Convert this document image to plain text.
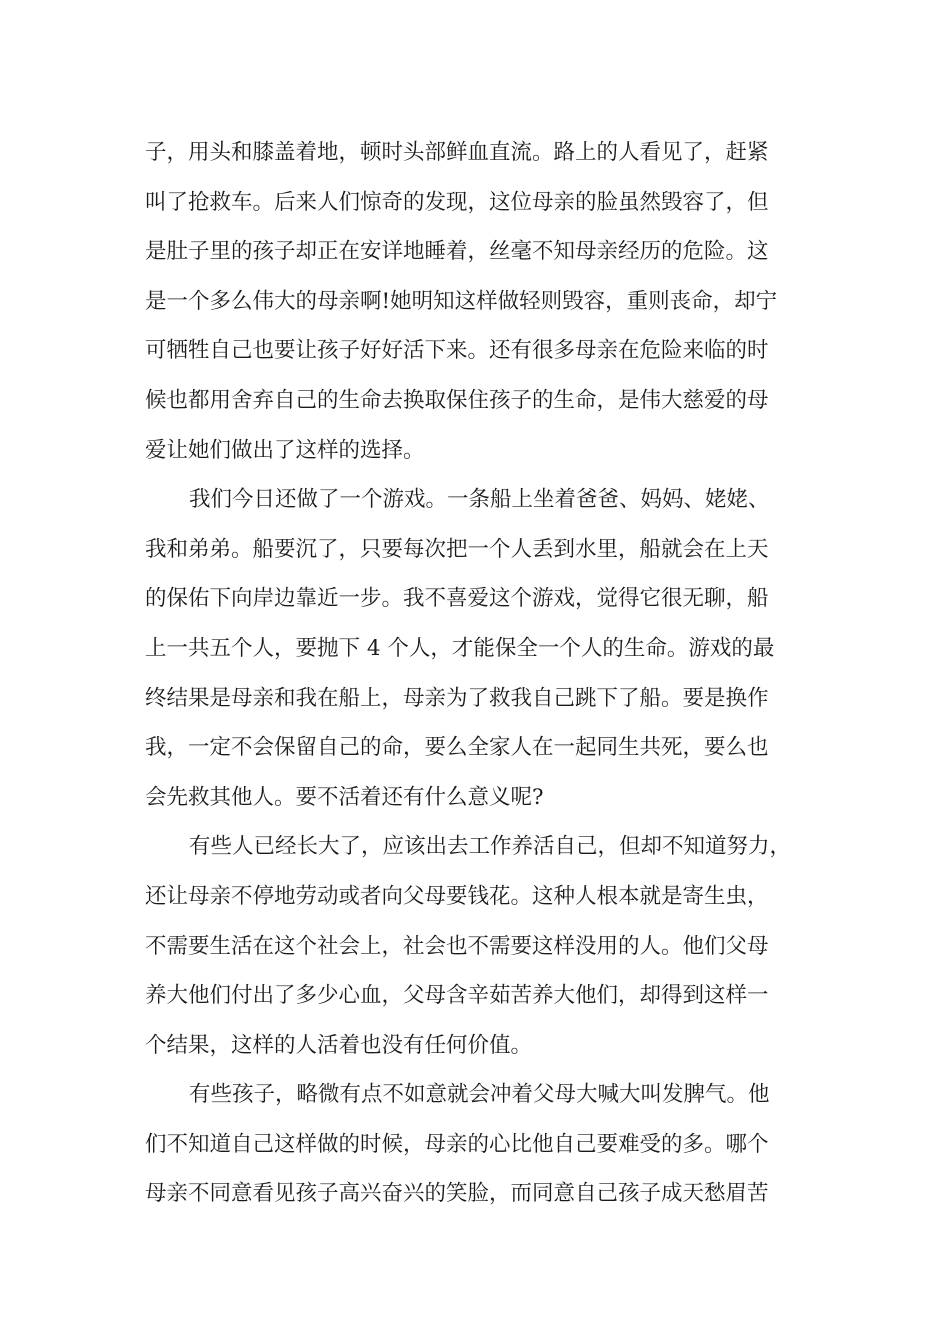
子，用头和膝盖着地，顿时头部鲜血直流。路上的人看见了，赶紧

叫了抢救车。后来人们惊奇的发现，这位母亲的脸虽然毁容了，但

是肚子里的孩子却正在安详地睡着，丝毫不知母亲经历的危险。这

是一个多么伟大的母亲啊!她明知这样做轻则毁容，重则丧命，却宁

可牺牲自己也要让孩子好好活下来。还有很多母亲在危险来临的时

候也都用舍弃自己的生命去换取保住孩子的生命，是伟大慈爱的母

爱让她们做出了这样的选择。

我们今日还做了一个游戏。一条船上坐着爸爸、妈妈、姥姥、

我和弟弟。船要沉了，只要每次把一个人丢到水里，船就会在上天

的保佑下向岸边靠近一步。我不喜爱这个游戏，觉得它很无聊，船

上一共五个人，要抛下 4 个人，才能保全一个人的生命。游戏的最

终结果是母亲和我在船上，母亲为了救我自己跳下了船。要是换作

我，一定不会保留自己的命，要么全家人在一起同生共死，要么也

会先救其他人。要不活着还有什么意义呢?

有些人已经长大了，应该出去工作养活自己，但却不知道努力，

还让母亲不停地劳动或者向父母要钱花。这种人根本就是寄生虫，

不需要生活在这个社会上，社会也不需要这样没用的人。他们父母

养大他们付出了多少心血，父母含辛茹苦养大他们，却得到这样一

个结果，这样的人活着也没有任何价值。

有些孩子，略微有点不如意就会冲着父母大喊大叫发脾气。他

们不知道自己这样做的时候，母亲的心比他自己要难受的多。哪个

母亲不同意看见孩子高兴奋兴的笑脸，而同意自己孩子成天愁眉苦
